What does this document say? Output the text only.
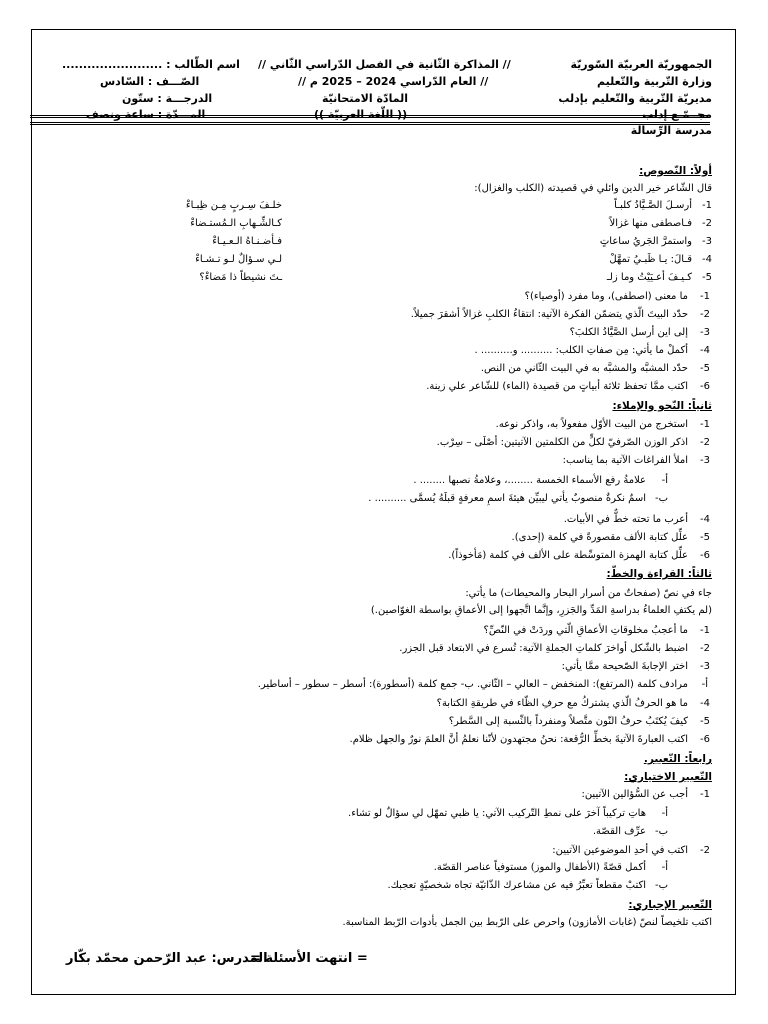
الجمهوريّة العربيّة السّوريّة
وزارة التّربية والتّعليم
مديريّة التّربية والتّعليم بإدلب
مجــمّـع إدلب
مدرسة الرِّسالة
// المذاكرة الثّانية في الفصل الدّراسي الثّاني //
// العام الدّراسي 2024 – 2025 م //
المادّة الامتحانيّة
(( اللّغة العربيّة ))
اسم الطّالب : ........................
الصّـــف : السّادس
الدرجـــة : ستّون
المـــدّة : ساعة ونصف
أولاً: النّصوص:
قال الشّاعر خير الدين وائلي في قصيدته (الكلب والغزال):
1-
أرسـلَ الصَّـيَّادُ كلبـاً
خلـفَ سِـربٍ مِـن ظِبـاءْ
2-
فـاصطفى منها غزالاً
كـالشِّـهابِ الـمُستـضاءْ
3-
واستمرَّ الجَريُ ساعاتٍ
فـأضـنـاهُ الـعـيـاءْ
4-
قـالَ: يـا ظَبـيُ تمهَّلْ
لـي سـؤالٌ لـو تـشـاءْ
5-
كـيـفَ أعـيَيْتُ وما زلـ
ـتَ نشيطاً ذا مَضاءْ؟
1-
ما معنى (اصطفى)، وما مفرد (أوصياء)؟
2-
حدّد البيتَ الّذي يتضمّن الفكرة الآتية: انتقاءُ الكلبِ غزالاً أشقرَ جميلاً.
3-
إلى اين أرسل الصَّيَّادُ الكلبَ؟
4-
أكملْ ما يأتي: مِن صفاتِ الكلب: .......... و.......... .
5-
حدّد المشبَّه والمشبَّه به في البيت الثّاني من النص.
6-
اكتب ممَّا تحفظ ثلاثة أبياتٍ من قصيدة (الماء) للشّاعر علي زينة.
ثانياً: النّحو والإملاء:
1-
استخرج من البيت الأوّل مفعولاً به، واذكر نوعه.
2-
اذكر الوزن الصّرفيّ لكلٍّ من الكلمتين الآتيتين: أصْلَى – سِرْب.
3-
املأ الفراغات الآتية بما يناسب:
أ-
علامةُ رفع الأسماء الخمسة ........، وعلامةُ نصبها ........ .
ب-
اسمٌ نكرةٌ منصوبٌ يأتي ليبيِّن هيئةَ اسمِ معرفةٍ قبلَهُ يُسمَّى .......... .
4-
أعرب ما تحته خطٌّ في الأبيات.
5-
علِّل كتابة الألف مقصورةً في كلمة (إحدى).
6-
علِّل كتابة الهمزة المتوسِّطة على الألف في كلمة (مَأخوذاً).
ثالثاً: القراءة والخطّ:
جاء في نصّ (صفحاتٌ من أسرار البحار والمحيطات) ما يأتي:
(لم يكتفِ العلماءُ بدراسةِ المَدِّ والجَزرِ، وإنَّما اتَّجهوا إلى الأعماقِ بواسطة الغوّاصين.)
1-
ما أعجبُ مخلوقاتِ الأعماقِ الّتي وردَتْ في النّصِّ؟
2-
اضبط بالشّكل أواخرَ كلماتِ الجملةِ الآتية: تُسرع في الابتعاد قبل الجزر.
3-
اختر الإجابةَ الصّحيحة ممَّا يأتي:
أ-
مرادف كلمة (المرتفع): المنخفض – العالي – الثّاني. ب- جمع كلمة (أسطورة): أسطر – سطور – أساطير.
4-
ما هو الحرفُ الّذي يشتركُ مع حرفِ الظّاء في طريقةِ الكتابة؟
5-
كيفَ يُكتَبُ حرفُ النّون متَّصلاً ومنفرداً بالنِّسبة إلى السَّطر؟
6-
اكتب العبارةَ الآتيةَ بخطِّ الرُّقعة: نحنُ مجتهدون لأنّنا نعلمُ أنَّ العلمَ نورٌ والجهل ظلام.
رابعاً: التّعبير.
التّعبير الاختياري:
1-
أجب عن السُّؤالين الآتيين:
أ-
هاتِ تركيباً آخرَ على نمطِ التّركيب الآتي: يا ظبي تمهّل لي سؤالٌ لو تشاء.
ب-
عرِّف القصّة.
2-
اكتب في أحدِ الموضوعين الآتيين:
أ-
أكمل قصّةً (الأطفال والموز) مستوفياً عناصر القصّة.
ب-
اكتبْ مقطعاً تعبِّرُ فيه عن مشاعرك الذّاتيّة تجاه شخصيّةٍ تعجبك.
التّعبير الإجباري:
اكتب تلخيصاً لنصّ (غابات الأمازون) واحرص على الرّبط بين الجمل بأدوات الرّبط المناسبة.
= انتهت الأسئلة =
المدرس: عبد الرّحمن محمّد بكّار
